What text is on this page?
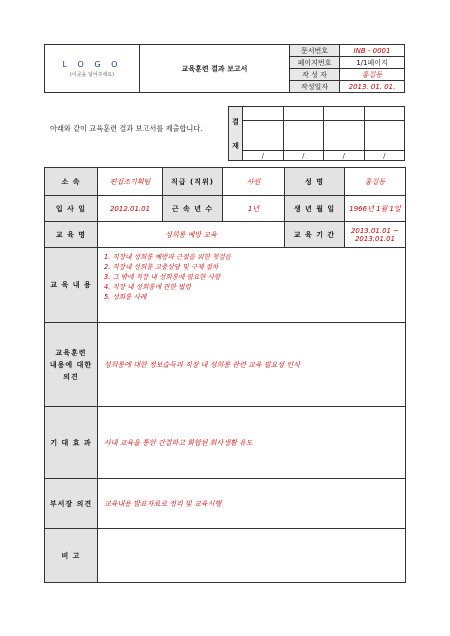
L O G O
(이곳을 넣어주세요)	교육훈련 결과 보고서	문서번호	INB - 0001
		페이지번호	1/1페이지
		작 성 자	홍길동
		작성일자	2013. 01. 01.
아래와 같이 교육훈련 결과 보고서를 제출합니다.
결
재				

	/	/	/	/
소 속	편집조기획팀	직급 (직위)	사원	성 명	홍길동
입 사 일	2012.01.01	근 속 년 수	1년	생 년 월 일	1966년 1월 1일
교 육 명	성희롱 예방 교육			교 육 기 간	2013.01.01 ~
2013.01.01

교 육 내 용	1. 직장내 성희롱 예방과 근절을 위한 첫걸음
2. 직장내 성희롱 고충상담 및 구제 절차
3. 그 밖에 직장 내 성희롱에 필요한 사항
4. 직장 내 성희롱에 관한 법령
5. 성희롱 사례				

교육훈련
내용에 대한
의견	성희롱에 대한 정보습득과 직장 내 성희롱 관련 교육 필요성 인식				
기 대 효 과	사내 교육을 통한 간결하고 화합된 회사생활 유도				
부서장 의견	교육내용 발표자료로 정리 및 교육시행				
비 고					
